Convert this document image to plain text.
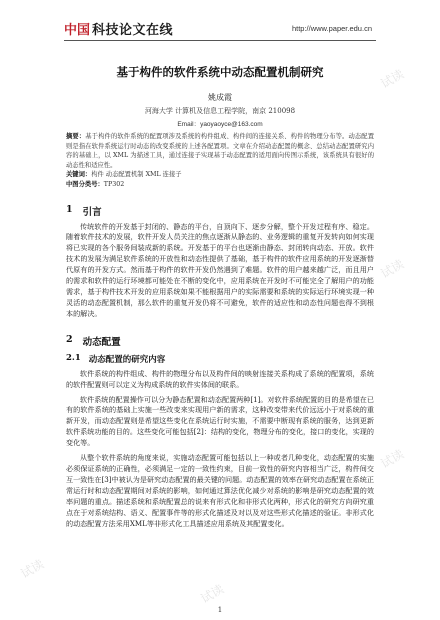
中国 科技论文在线	http://www.paper.edu.cn
基于构件的软件系统中动态配置机制研究
姚成霞
河海大学 计算机及信息工程学院，南京 210098
Email：yaoyaoyce@163.com
摘要：基于构件的软件系统的配置项涉及系统的构件组成、构件间的连接关系、构件的物理分布等。动态配置则是指在软件系统运行时动态的改变系统的上述各配置项。文章在介绍动态配置的概念、总结动态配置研究内容的基础上，以 XML 为描述工具，通过连接子实现基于动态配置的适用面向传图示系统，该系统具有很好的动态性和适应性。
关键词：构件 动态配置机制 XML 连接子
中图分类号：TP302
1 引言
传统软件的开发基于封闭的、静态的平台，自顶向下、逐步分解，整个开发过程有序、稳定。随着软件技术的发展，软件开发人员关注的焦点逐渐从静态的、业务逻辑的重复开发转向如何实现将已实现的各个服务间装成新的系统。开发基于的平台也逐渐由静态、封闭转向动态、开放。软件技术的发展为满足软件系统的开放性和动态性提供了基础，基于构件的软件应用系统的开发逐渐替代原有的开发方式。然而基于构件的软件开发仍然遇到了难题。软件的用户越来越广泛，而且用户的需求和软件的运行环境都可能处在不断的变化中，应用系统在开发时不可能完全了解用户的功能需求，基于构件技术开发的应用系统如果不能根据用户的实际需要和系统的实际运行环境实现一种灵活的动态配置机制，那么软件的重复开发仍将不可避免，软件的适应性和动态性问题也得不到根本的解决。
2 动态配置
2.1 动态配置的研究内容
软件系统的构件组成、构件的物理分布以及构件间的映射连接关系构成了系统的配置项，系统的软件配置则可以定义为构成系统的软件实体间的联系。
软件系统的配置操作可以分为静态配置和动态配置两种[1]。对软件系统配置的目的是希望在已有的软件系统的基础上实施一些改变来实现用户新的需求，这种改变带来代价远远小于对系统的重新开发，而动态配置则是希望这些变化在系统运行时实施，不需要中断现有系统的服务，达到更新软件系统功能的目的。这些变化可能包括[2]：结构的变化，物理分布的变化，接口的变化，实现的变化等。
从整个软件系统的角度来说，实施动态配置可能包括以上一种或者几种变化，动态配置的实施必须保证系统的正确性，必须满足一定的一致性约束，目前一致性的研究内容相当广泛，构件间交互一致性在[3]中被认为是研究动态配置的最关键的问题。动态配置的效率在研究动态配置在系统正常运行时和动态配置期间对系统的影响，如何通过算法优化减少对系统的影响是研究动态配置的效率问题的重点。描述系统和系统配置总的说来有形式化和非形式化两种，形式化的研究方向研究重点在于对系统结构、语义、配置事件等的形式化描述及对以及对这些形式化描述的验证。非形式化的动态配置方法采用XML等非形式化工具描述应用系统及其配置变化。
1
试读
试读
试读
试读
试读
